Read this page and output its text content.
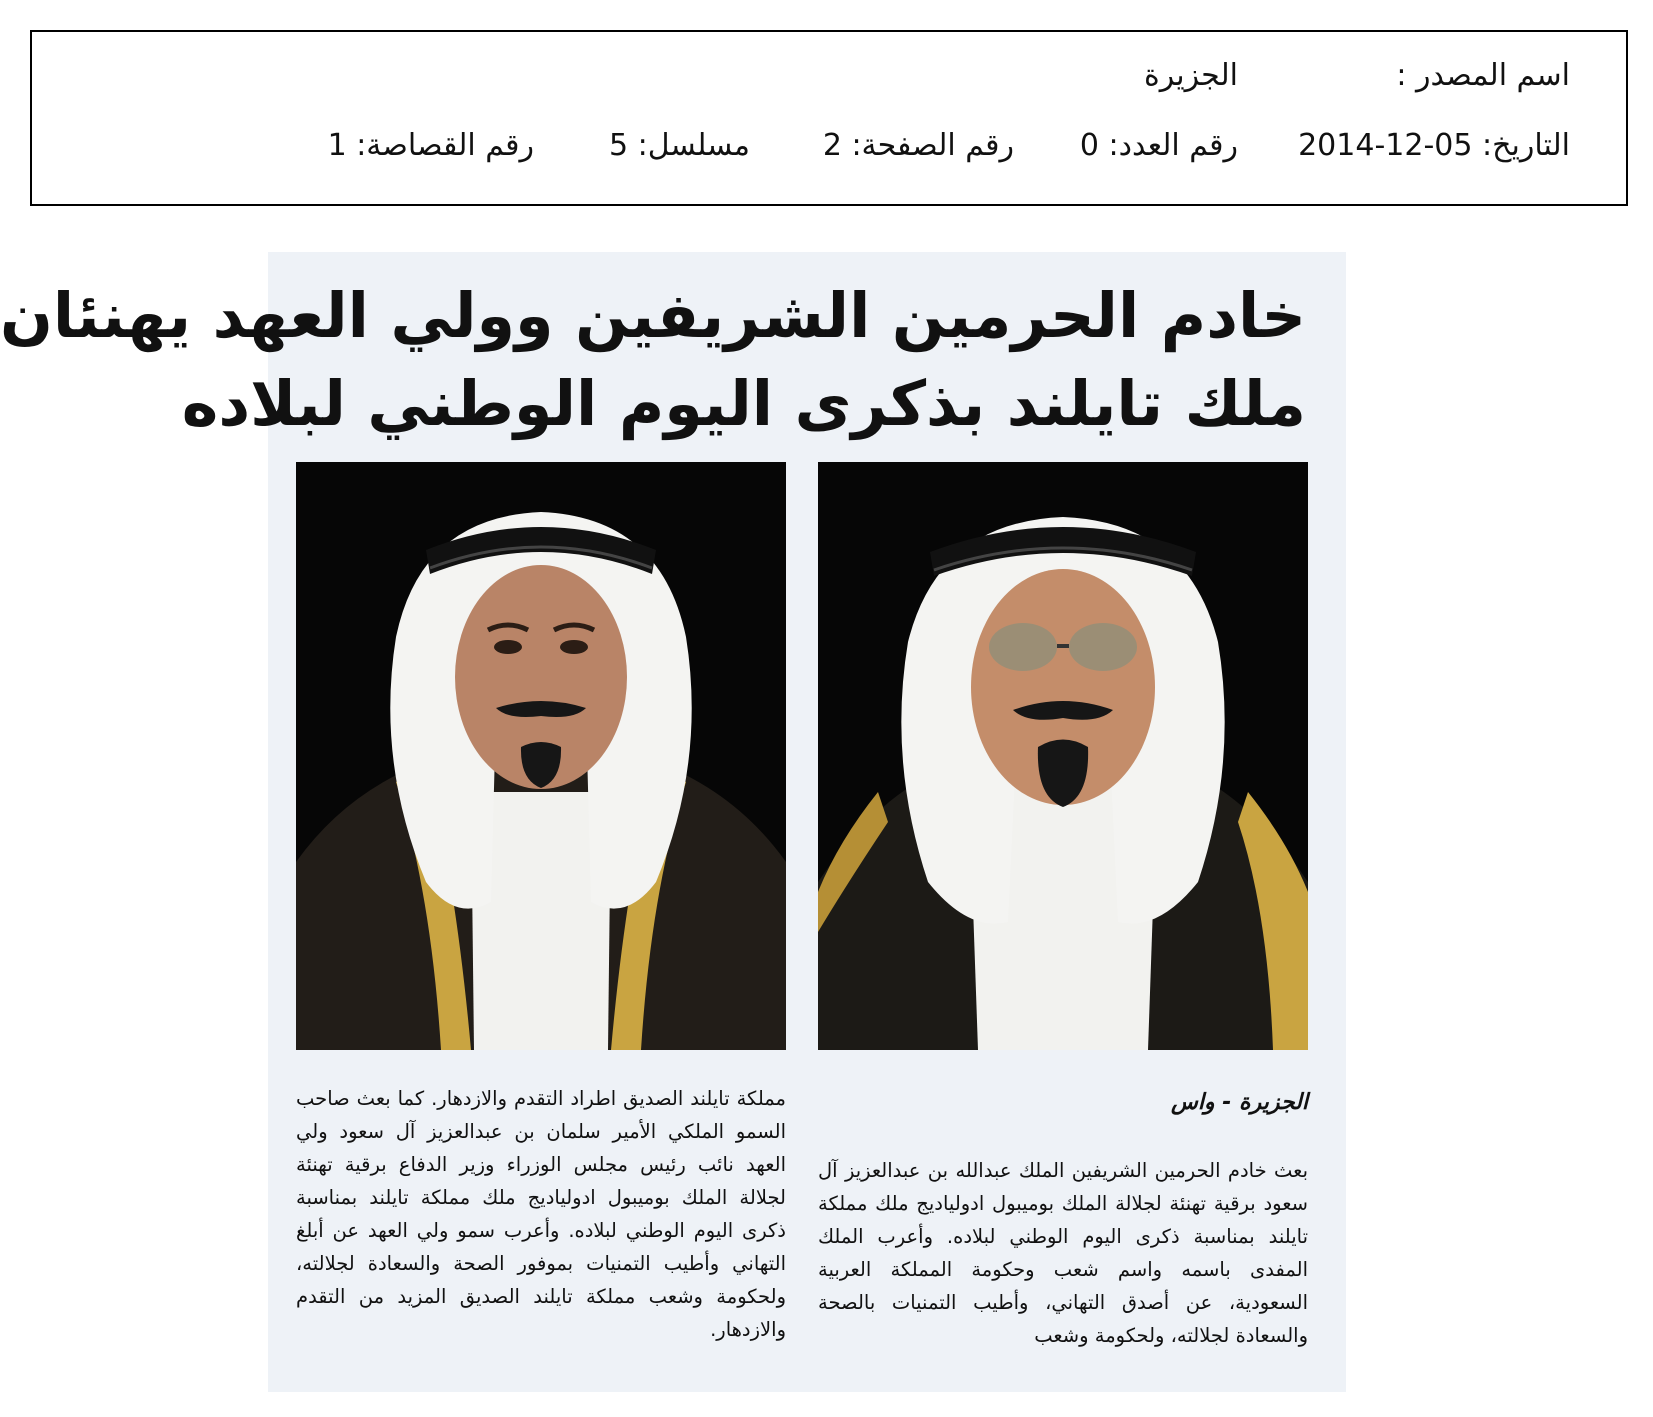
اسم المصدر :
الجزيرة
التاريخ: 05-12-2014
رقم العدد: 0
رقم الصفحة: 2
مسلسل: 5
رقم القصاصة: 1
خادم الحرمين الشريفين وولي العهد يهنئان
ملك تايلند بذكرى اليوم الوطني لبلاده
الجزيرة - واس
بعث خادم الحرمين الشريفين الملك عبدالله بن عبدالعزيز آل سعود برقية تهنئة لجلالة الملك بوميبول ادولياديج ملك مملكة تايلند بمناسبة ذكرى اليوم الوطني لبلاده. وأعرب الملك المفدى باسمه واسم شعب وحكومة المملكة العربية السعودية، عن أصدق التهاني، وأطيب التمنيات بالصحة والسعادة لجلالته، ولحكومة وشعب
مملكة تايلند الصديق اطراد التقدم والازدهار. كما بعث صاحب السمو الملكي الأمير سلمان بن عبدالعزيز آل سعود ولي العهد نائب رئيس مجلس الوزراء وزير الدفاع برقية تهنئة لجلالة الملك بوميبول ادولياديج ملك مملكة تايلند بمناسبة ذكرى اليوم الوطني لبلاده. وأعرب سمو ولي العهد عن أبلغ التهاني وأطيب التمنيات بموفور الصحة والسعادة لجلالته، ولحكومة وشعب مملكة تايلند الصديق المزيد من التقدم والازدهار.
